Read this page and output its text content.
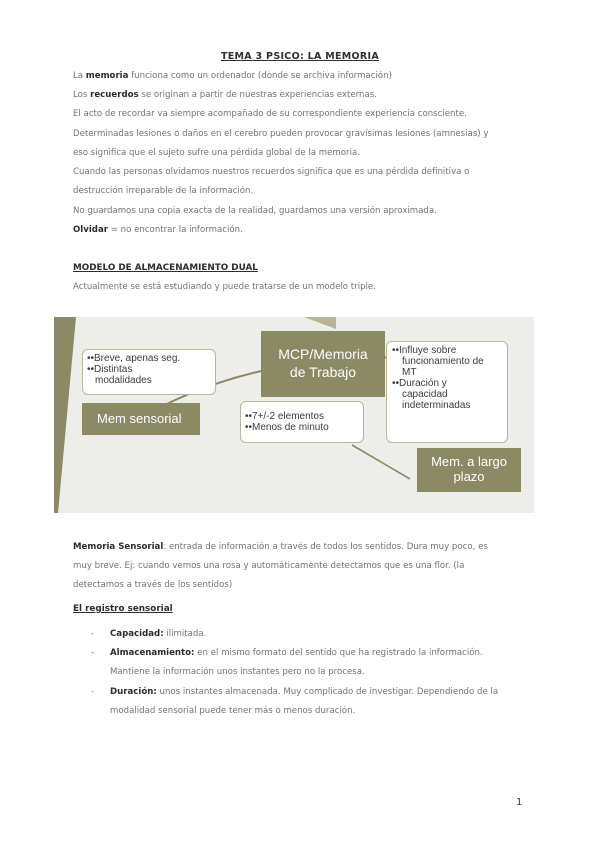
TEMA 3 PSICO: LA MEMORIA
La memoria funciona como un ordenador (donde se archiva información)
Los recuerdos se originan a partir de nuestras experiencias externas.
El acto de recordar va siempre acompañado de su correspondiente experiencia consciente.
Determinadas lesiones o daños en el cerebro pueden provocar gravísimas lesiones (amnesias) y
eso significa que el sujeto sufre una pérdida global de la memoria.
Cuando las personas olvidamos nuestros recuerdos significa que es una pérdida definitiva o
destrucción irreparable de la información.
No guardamos una copia exacta de la realidad, guardamos una versión aproximada.
Olvidar = no encontrar la información.
MODELO DE ALMACENAMIENTO DUAL
Actualmente se está estudiando y puede tratarse de un modelo triple.
••Breve, apenas seg.
••Distintas
modalidades
Mem sensorial
MCP/Memoria
de Trabajo
••7+/-2 elementos
••Menos de minuto
••Influye sobre
funcionamiento de
MT
••Duración y
capacidad
indeterminadas
Mem. a largo
plazo
Memoria Sensorial: entrada de información a través de todos los sentidos. Dura muy poco, es
muy breve. Ej: cuando vemos una rosa y automáticamente detectamos que es una flor. (la
detectamos a través de los sentidos)
El registro sensorial
- Capacidad: ilimitada.
- Almacenamiento: en el mismo formato del sentido que ha registrado la información.
Mantiene la información unos instantes pero no la procesa.
- Duración: unos instantes almacenada. Muy complicado de investigar. Dependiendo de la
modalidad sensorial puede tener más o menos duración.
1
